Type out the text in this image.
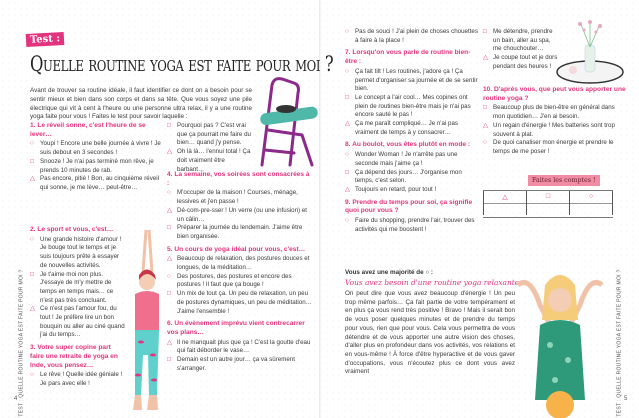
Test :
Quelle routine yoga est faite pour moi ?
Avant de trouver sa routine idéale, il faut identifier ce dont on a besoin pour se sentir mieux et bien dans son corps et dans sa tête. Que vous soyez une pile électrique qui vit à cent à l'heure ou une personne ultra relax, il y a une routine yoga faite pour vous ! Faites le test pour savoir laquelle :
1. Le réveil sonne, c'est l'heure de se lever…
○ Youpi ! Encore une belle journée à vivre ! Je suis debout en 3 secondes !
□ Snooze ! Je n'ai pas terminé mon rêve, je prends 10 minutes de rab.
△ Pas encore, pitié ! Bon, au cinquième réveil qui sonne, je me lève… peut-être…
2. Le sport et vous, c'est…
○ Une grande histoire d'amour ! Je bouge tout le temps et je suis toujours prête à essayer de nouvelles activités.
□ Je t'aime moi non plus. J'essaye de m'y mettre de temps en temps mais… ce n'est pas très concluant.
△ Ce n'est pas l'amour fou, du tout ! Je préfère lire un bon bouquin ou aller au ciné quand j'ai du temps…
3. Votre super copine part faire une retraite de yoga en Inde, vous pensez…
○ Le rêve ! Quelle idée géniale ! Je pars avec elle !
□ Pourquoi pas ? C'est vrai que ça pourrait me faire du bien… quand j'y pense.
△ Oh là là… l'ennui total ! Ça doit vraiment être barbant…
4. La semaine, vos soirées sont consacrées à :
○ M'occuper de la maison ! Courses, ménage, lessives et j'en passe !
△ Dé-com-pre-sser ! Un verre (ou une infusion) et un câlin…
□ Préparer la journée du lendemain. J'aime être bien organisée.
5. Un cours de yoga idéal pour vous, c'est…
△ Beaucoup de relaxation, des postures douces et longues, de la méditation…
○ Des postures, des postures et encore des postures ! Il faut que ça bouge !
□ Un mix de tout ça. Un peu de relaxation, un peu de postures dynamiques, un peu de méditation… J'aime l'ensemble !
6. Un évènement imprévu vient contrecarrer vos plans…
△ Il ne manquait plus que ça ! C'est la goutte d'eau qui fait déborder le vase…
□ Demain est un autre jour… ça va sûrement s'arranger.
○ Pas de souci ! J'ai plein de choses chouettes à faire à la place !
7. Lorsqu'on vous parle de routine bien-être :
○ Ça fait tilt ! Les routines, j'adore ça ! Ça permet d'organiser sa journée et de se sentir bien.
□ Le concept a l'air cool… Mes copines ont plein de routines bien-être mais je n'ai pas encore sauté le pas !
△ Ça me paraît compliqué… Je n'ai pas vraiment de temps à y consacrer…
8. Au boulot, vous êtes plutôt en mode :
○ Wonder Woman ! Je n'arrête pas une seconde mais j'aime ça !
□ Ça dépend des jours… J'organise mon temps, c'est selon.
△ Toujours en retard, pour tout !
9. Prendre du temps pour soi, ça signifie quoi pour vous ?
○ Faire du shopping, prendre l'air, trouver des activités qui me boostent !
□ Me détendre, prendre un bain, aller au spa, me chouchouter…
△ Je coupe tout et je dors pendant des heures !
10. D'après vous, que peut vous apporter une routine yoga ?
□ Beaucoup plus de bien-être en général dans mon quotidien… J'en ai besoin.
△ Un regain d'énergie ! Mes batteries sont trop souvent à plat.
○ De quoi canaliser mon énergie et prendre le temps de me poser !
Faites les comptes !
△	□	○
Vous avez une majorité de ○ :
Vous avez besoin d'une routine yoga relaxante.
On peut dire que vous avez beaucoup d'énergie ! Un peu trop même parfois… Ça fait partie de votre tempérament et en plus ça vous rend très positive ! Bravo ! Mais il serait bon de vous poser quelques minutes et de prendre du temps pour vous, rien que pour vous. Cela vous permettra de vous détendre et de vous apporter une autre vision des choses, d'aller plus en profondeur dans vos activités, vos relations et en vous-même ! À force d'être hyperactive et de vous gaver d'occupations, vous n'écoutez plus ce dont vous avez vraiment
TEST : QUELLE ROUTINE YOGA EST FAITE POUR MOI ?	TEST : QUELLE ROUTINE YOGA EST FAITE POUR MOI ?
4	5
